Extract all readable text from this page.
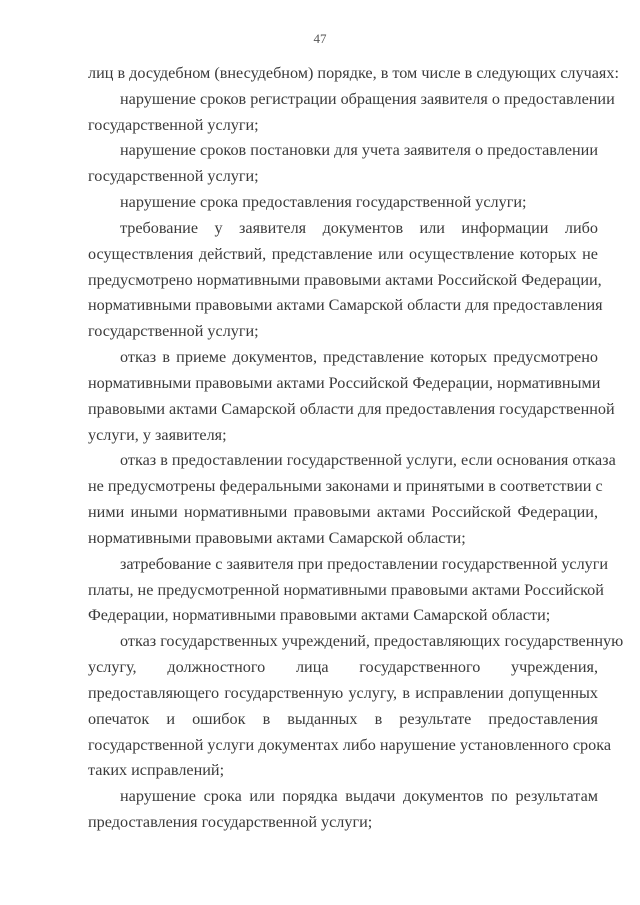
47
лиц в досудебном (внесудебном) порядке, в том числе в следующих случаях:
нарушение сроков регистрации обращения заявителя о предоставлении
государственной услуги;
нарушение сроков постановки для учета заявителя о предоставлении
государственной услуги;
нарушение срока предоставления государственной услуги;
требование у заявителя документов или информации либо
осуществления действий, представление или осуществление которых не
предусмотрено нормативными правовыми актами Российской Федерации,
нормативными правовыми актами Самарской области для предоставления
государственной услуги;
отказ в приеме документов, представление которых предусмотрено
нормативными правовыми актами Российской Федерации, нормативными
правовыми актами Самарской области для предоставления государственной
услуги, у заявителя;
отказ в предоставлении государственной услуги, если основания отказа
не предусмотрены федеральными законами и принятыми в соответствии с
ними иными нормативными правовыми актами Российской Федерации,
нормативными правовыми актами Самарской области;
затребование с заявителя при предоставлении государственной услуги
платы, не предусмотренной нормативными правовыми актами Российской
Федерации, нормативными правовыми актами Самарской области;
отказ государственных учреждений, предоставляющих государственную
услугу, должностного лица государственного учреждения,
предоставляющего государственную услугу, в исправлении допущенных
опечаток и ошибок в выданных в результате предоставления
государственной услуги документах либо нарушение установленного срока
таких исправлений;
нарушение срока или порядка выдачи документов по результатам
предоставления государственной услуги;
